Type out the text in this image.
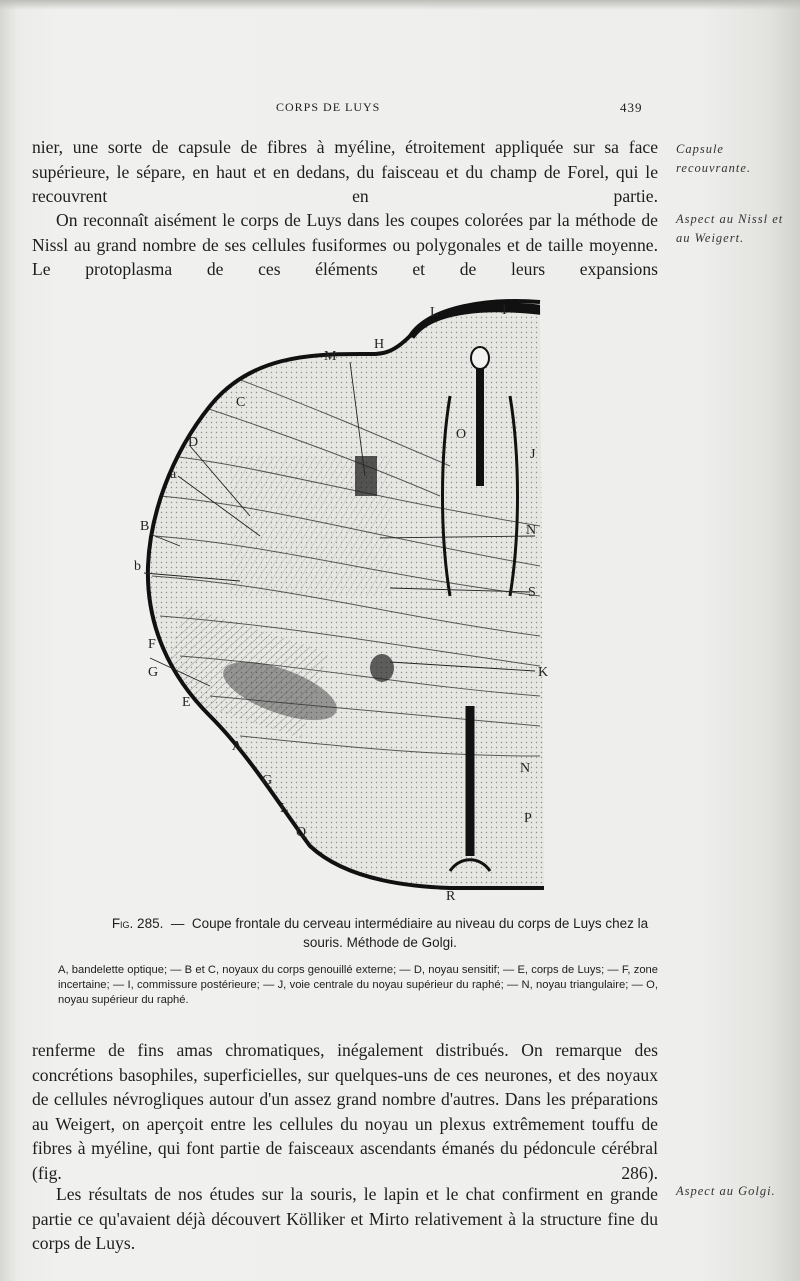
CORPS DE LUYS	439
nier, une sorte de capsule de fibres à myéline, étroitement appliquée sur sa face supérieure, le sépare, en haut et en dedans, du faisceau et du champ de Forel, qui le recouvrent en partie.
On reconnaît aisément le corps de Luys dans les coupes colorées par la méthode de Nissl au grand nombre de ses cellules fusiformes ou polygonales et de taille moyenne. Le protoplasma de ces éléments et de leurs expansions
Capsule recouvrante.
Aspect au Nissl et au Weigert.
L	I
M
H
C
O
D
a
J
B	N
b
S
F
G	K
E
A
G
N
L
P
Q
R
Fig. 285.  —  Coupe frontale du cerveau intermédiaire au niveau du corps de Luys chez la souris. Méthode de Golgi.
A, bandelette optique; — B et C, noyaux du corps genouillé externe; — D, noyau sensitif; — E, corps de Luys; — F, zone incertaine; — I, commissure postérieure; — J, voie centrale du noyau supérieur du raphé; — N, noyau triangulaire; — O, noyau supérieur du raphé.
renferme de fins amas chromatiques, inégalement distribués. On remarque des concrétions basophiles, superficielles, sur quelques-uns de ces neurones, et des noyaux de cellules névrogliques autour d'un assez grand nombre d'autres. Dans les préparations au Weigert, on aperçoit entre les cellules du noyau un plexus extrêmement touffu de fibres à myéline, qui font partie de faisceaux ascendants émanés du pédoncule cérébral (fig. 286).
Les résultats de nos études sur la souris, le lapin et le chat confirment en grande partie ce qu'avaient déjà découvert Kölliker et Mirto relativement à la structure fine du corps de Luys.
Aspect au Golgi.
